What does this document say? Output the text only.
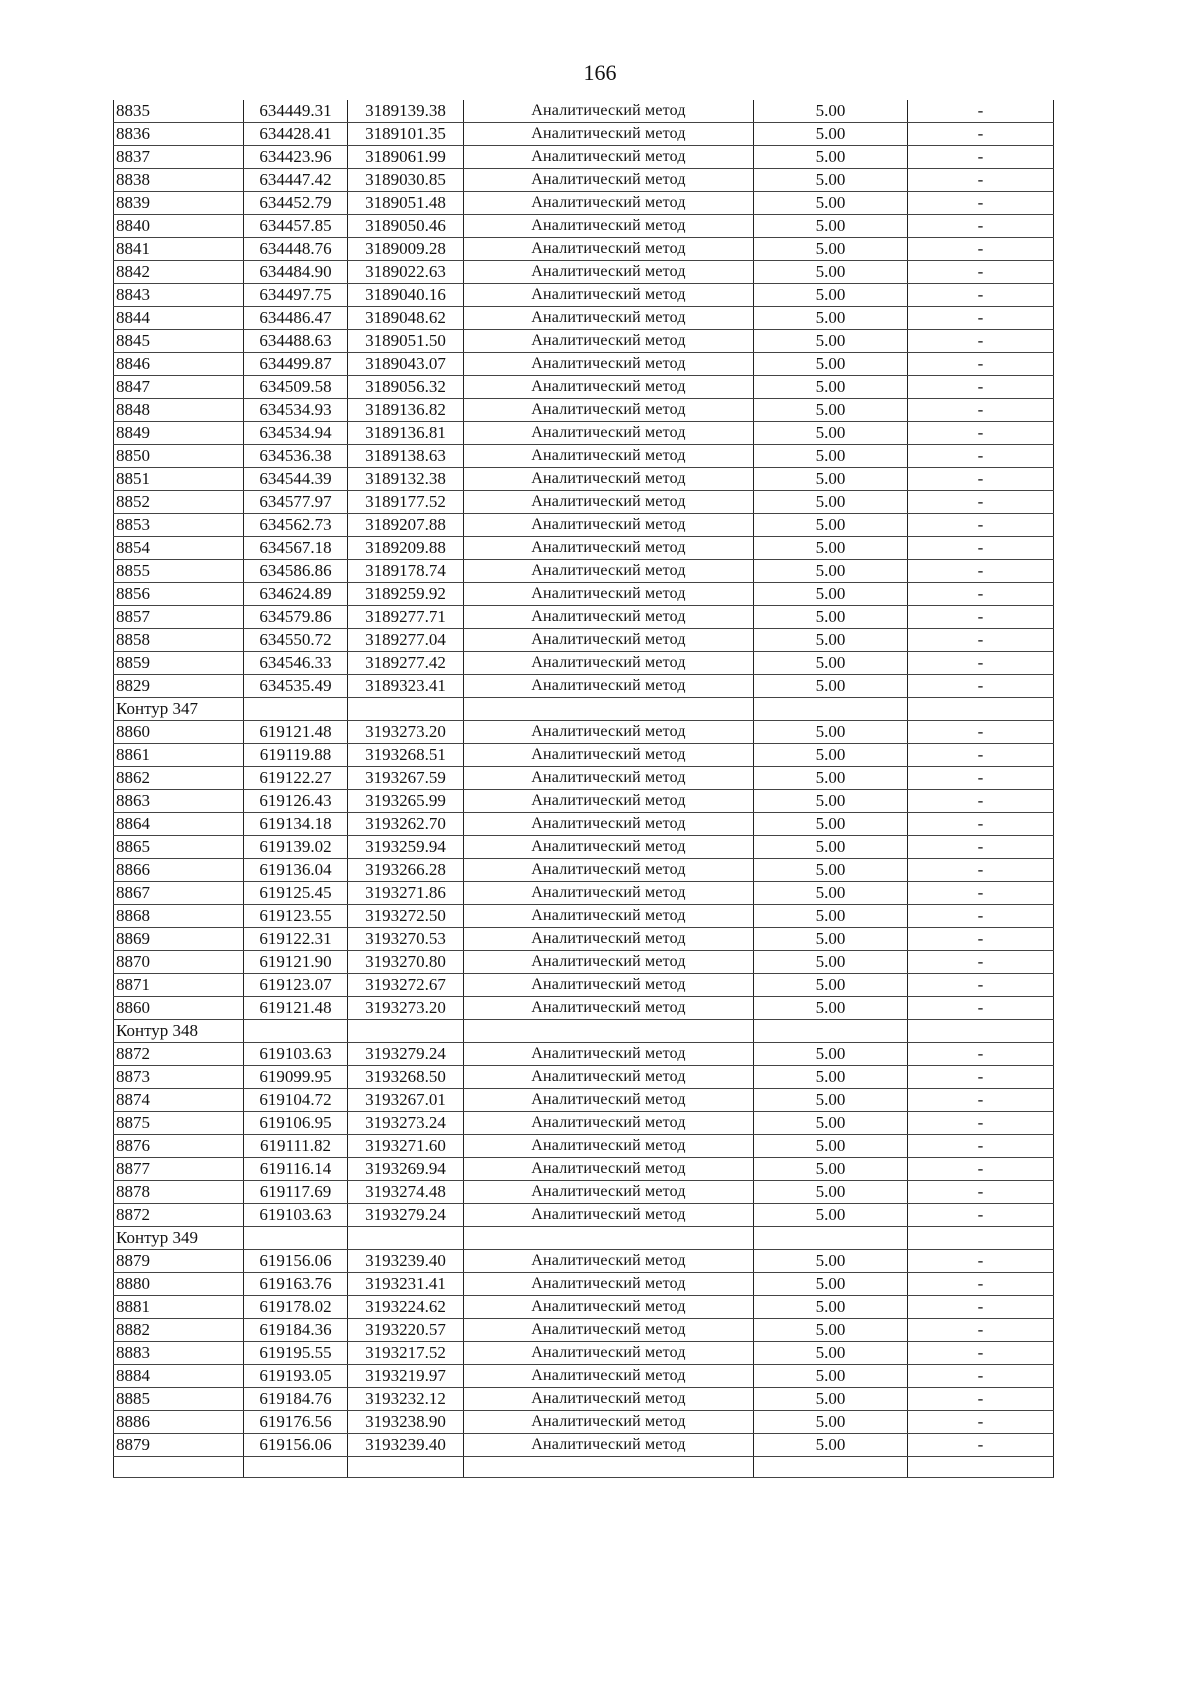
166
8835	634449.31	3189139.38	Аналитический метод	5.00	-
8836	634428.41	3189101.35	Аналитический метод	5.00	-
8837	634423.96	3189061.99	Аналитический метод	5.00	-
8838	634447.42	3189030.85	Аналитический метод	5.00	-
8839	634452.79	3189051.48	Аналитический метод	5.00	-
8840	634457.85	3189050.46	Аналитический метод	5.00	-
8841	634448.76	3189009.28	Аналитический метод	5.00	-
8842	634484.90	3189022.63	Аналитический метод	5.00	-
8843	634497.75	3189040.16	Аналитический метод	5.00	-
8844	634486.47	3189048.62	Аналитический метод	5.00	-
8845	634488.63	3189051.50	Аналитический метод	5.00	-
8846	634499.87	3189043.07	Аналитический метод	5.00	-
8847	634509.58	3189056.32	Аналитический метод	5.00	-
8848	634534.93	3189136.82	Аналитический метод	5.00	-
8849	634534.94	3189136.81	Аналитический метод	5.00	-
8850	634536.38	3189138.63	Аналитический метод	5.00	-
8851	634544.39	3189132.38	Аналитический метод	5.00	-
8852	634577.97	3189177.52	Аналитический метод	5.00	-
8853	634562.73	3189207.88	Аналитический метод	5.00	-
8854	634567.18	3189209.88	Аналитический метод	5.00	-
8855	634586.86	3189178.74	Аналитический метод	5.00	-
8856	634624.89	3189259.92	Аналитический метод	5.00	-
8857	634579.86	3189277.71	Аналитический метод	5.00	-
8858	634550.72	3189277.04	Аналитический метод	5.00	-
8859	634546.33	3189277.42	Аналитический метод	5.00	-
8829	634535.49	3189323.41	Аналитический метод	5.00	-
Контур 347					
8860	619121.48	3193273.20	Аналитический метод	5.00	-
8861	619119.88	3193268.51	Аналитический метод	5.00	-
8862	619122.27	3193267.59	Аналитический метод	5.00	-
8863	619126.43	3193265.99	Аналитический метод	5.00	-
8864	619134.18	3193262.70	Аналитический метод	5.00	-
8865	619139.02	3193259.94	Аналитический метод	5.00	-
8866	619136.04	3193266.28	Аналитический метод	5.00	-
8867	619125.45	3193271.86	Аналитический метод	5.00	-
8868	619123.55	3193272.50	Аналитический метод	5.00	-
8869	619122.31	3193270.53	Аналитический метод	5.00	-
8870	619121.90	3193270.80	Аналитический метод	5.00	-
8871	619123.07	3193272.67	Аналитический метод	5.00	-
8860	619121.48	3193273.20	Аналитический метод	5.00	-
Контур 348					
8872	619103.63	3193279.24	Аналитический метод	5.00	-
8873	619099.95	3193268.50	Аналитический метод	5.00	-
8874	619104.72	3193267.01	Аналитический метод	5.00	-
8875	619106.95	3193273.24	Аналитический метод	5.00	-
8876	619111.82	3193271.60	Аналитический метод	5.00	-
8877	619116.14	3193269.94	Аналитический метод	5.00	-
8878	619117.69	3193274.48	Аналитический метод	5.00	-
8872	619103.63	3193279.24	Аналитический метод	5.00	-
Контур 349					
8879	619156.06	3193239.40	Аналитический метод	5.00	-
8880	619163.76	3193231.41	Аналитический метод	5.00	-
8881	619178.02	3193224.62	Аналитический метод	5.00	-
8882	619184.36	3193220.57	Аналитический метод	5.00	-
8883	619195.55	3193217.52	Аналитический метод	5.00	-
8884	619193.05	3193219.97	Аналитический метод	5.00	-
8885	619184.76	3193232.12	Аналитический метод	5.00	-
8886	619176.56	3193238.90	Аналитический метод	5.00	-
8879	619156.06	3193239.40	Аналитический метод	5.00	-
